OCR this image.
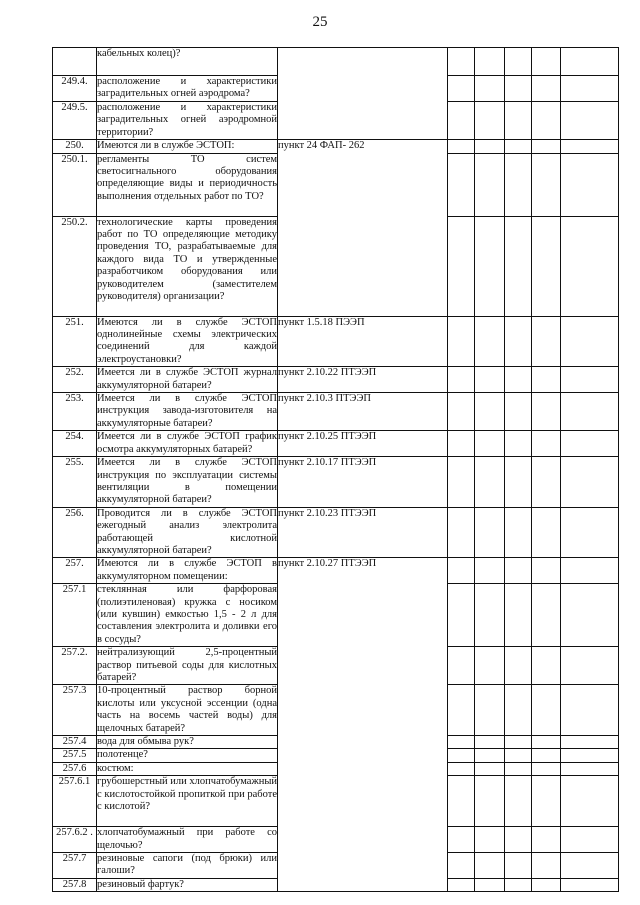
25
	кабельных колец)?						
249.4.	расположение и характеристики заградительных огней аэродрома?						
249.5.	расположение и характеристики заградительных огней аэродромной территории?						
250.	Имеются ли в службе ЭСТОП:	пункт 24 ФАП- 262					
250.1.	регламенты ТО систем светосигнального оборудования определяющие виды и периодичность выполнения отдельных работ по ТО?						
250.2.	технологические карты проведения работ по ТО определяющие методику проведения ТО, разрабатываемые для каждого вида ТО и утвержденные разработчиком оборудования или руководителем (заместителем руководителя) организации?						
251.	Имеются ли в службе ЭСТОП однолинейные схемы электрических соединений для каждой электроустановки?	пункт 1.5.18 ПЭЭП					
252.	Имеется ли в службе ЭСТОП журнал аккумуляторной батареи?	пункт 2.10.22 ПТЭЭП					
253.	Имеется ли в службе ЭСТОП инструкция завода-изготовителя на аккумуляторные батареи?	пункт 2.10.3 ПТЭЭП					
254.	Имеется ли в службе ЭСТОП график осмотра аккумуляторных батарей?	пункт 2.10.25 ПТЭЭП					
255.	Имеется ли в службе ЭСТОП инструкция по эксплуатации системы вентиляции в помещении аккумуляторной батареи?	пункт 2.10.17 ПТЭЭП					
256.	Проводится ли в службе ЭСТОП ежегодный анализ электролита работающей кислотной аккумуляторной батареи?	пункт 2.10.23 ПТЭЭП					
257.	Имеются ли в службе ЭСТОП в аккумуляторном помещении:	пункт 2.10.27 ПТЭЭП					
257.1	стеклянная или фарфоровая (полиэтиленовая) кружка с носиком (или кувшин) емкостью 1,5 - 2 л для составления электролита и доливки его в сосуды?						
257.2.	нейтрализующий 2,5-процентный раствор питьевой соды для кислотных батарей?						
257.3	10-процентный раствор борной кислоты или уксусной эссенции (одна часть на восемь частей воды) для щелочных батарей?						
257.4	вода для обмыва рук?						
257.5	полотенце?						
257.6	костюм:						
257.6.1	грубошерстный или хлопчатобумажный с кислотостойкой пропиткой при работе с кислотой?						
257.6.2 .	хлопчатобумажный при работе со щелочью?						
257.7	резиновые сапоги (под брюки) или галоши?						
257.8	резиновый фартук?						
